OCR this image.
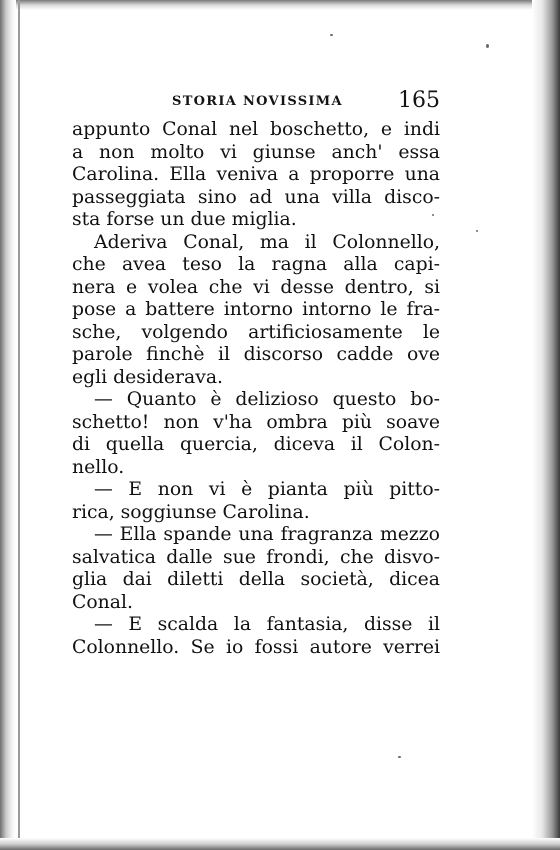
STORIA NOVISSIMA	165
appunto Conal nel boschetto, e indi
a non molto vi giunse anch' essa
Carolina. Ella veniva a proporre una
passeggiata sino ad una villa disco-
sta forse un due miglia.
Aderiva Conal, ma il Colonnello,
che avea teso la ragna alla capi-
nera e volea che vi desse dentro, si
pose a battere intorno intorno le fra-
sche, volgendo artificiosamente le
parole finchè il discorso cadde ove
egli desiderava.
— Quanto è delizioso questo bo-
schetto! non v'ha ombra più soave
di quella quercia, diceva il Colon-
nello.
— E non vi è pianta più pitto-
rica, soggiunse Carolina.
— Ella spande una fragranza mezzo
salvatica dalle sue frondi, che disvo-
glia dai diletti della società, dicea
Conal.
— E scalda la fantasia, disse il
Colonnello. Se io fossi autore verrei
